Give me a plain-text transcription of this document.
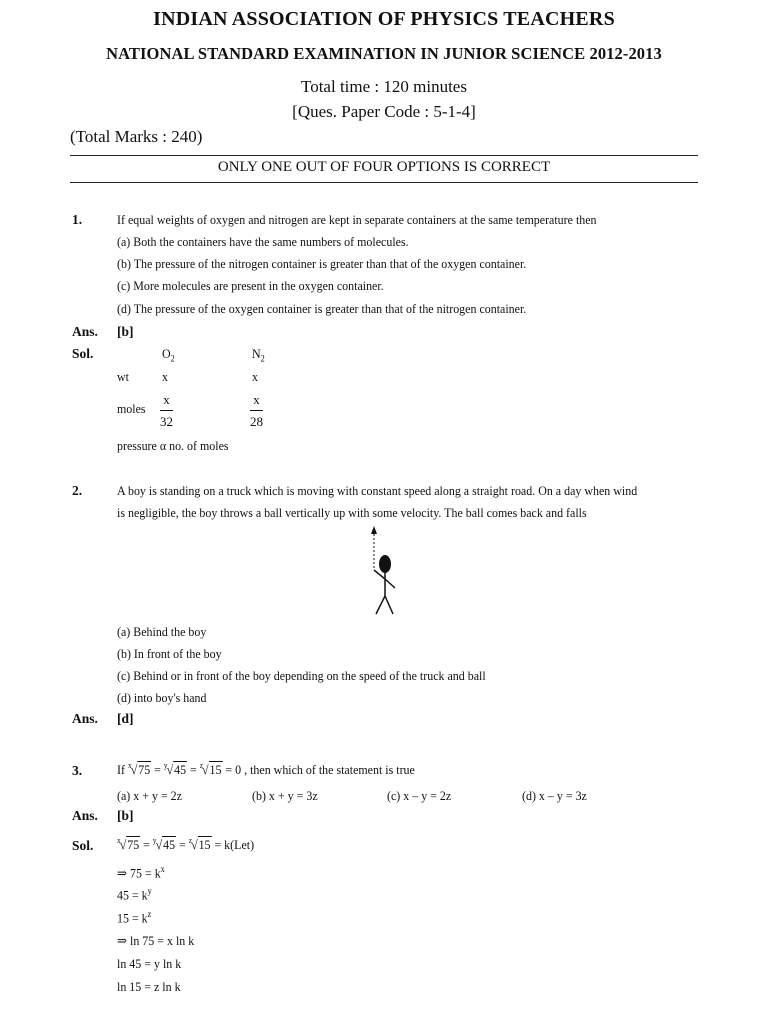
INDIAN ASSOCIATION OF PHYSICS TEACHERS
NATIONAL STANDARD EXAMINATION IN JUNIOR SCIENCE 2012-2013
Total time : 120 minutes
[Ques. Paper Code : 5-1-4]
(Total Marks : 240)
ONLY ONE OUT OF FOUR OPTIONS IS CORRECT
1.	If equal weights of oxygen and nitrogen are kept in separate containers at the same temperature then
(a) Both the containers have the same numbers of molecules.
(b) The pressure of the nitrogen container is greater than that of the oxygen container.
(c) More molecules are present in the oxygen container.
(d) The pressure of the oxygen container is greater than that of the nitrogen container.
Ans. [b]
Sol.	$O_2$	$N_2$
wt	x	x
moles $\frac{x}{32}$	$\frac{x}{28}$
pressure α no. of moles
2.	A boy is standing on a truck which is moving with constant speed along a straight road. On a day when wind
is negligible, the boy throws a ball vertically up with some velocity. The ball comes back and falls
(a) Behind the boy
(b) In front of the boy
(c) Behind or in front of the boy depending on the speed of the truck and ball
(d) into boy's hand
Ans. [d]
3.	If $^x$√75 = $^y$√45 = $^z$√15 = 0 , then which of the statement is true
(a) x + y = 2z	(b) x + y = 3z	(c) x – y = 2z	(d) x – y = 3z
Ans. [b]
Sol.	$^x$√75 = $^y$√45 = $^z$√15 = k(Let)
⇒ $75 = k^x$
$45 = k^y$
$15 = k^z$
⇒ ln 75 = x ln k
ln 45 = y ln k
ln 15 = z ln k
